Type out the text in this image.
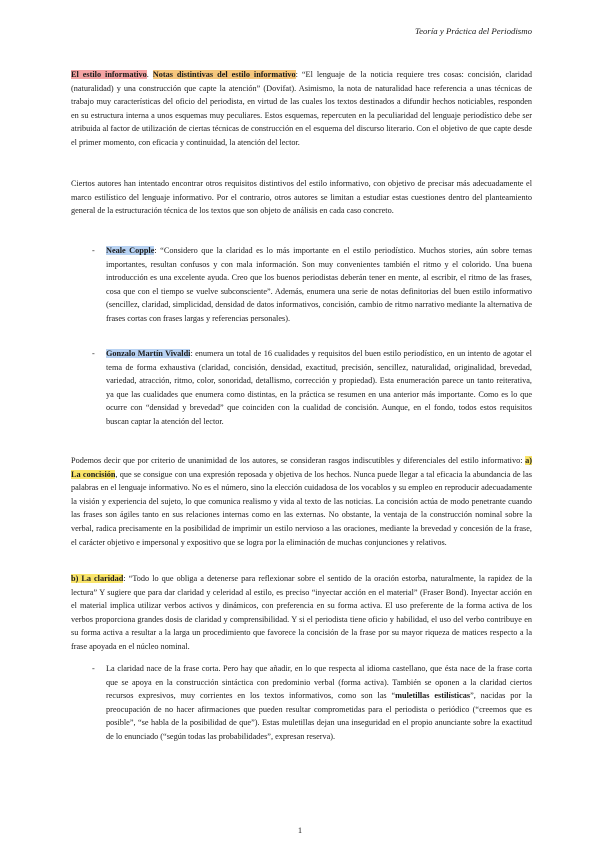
Teoría y Práctica del Periodismo
El estilo informativo. Notas distintivas del estilo informativo: “El lenguaje de la noticia requiere tres cosas: concisión, claridad (naturalidad) y una construcción que capte la atención” (Dovifat). Asimismo, la nota de naturalidad hace referencia a unas técnicas de trabajo muy características del oficio del periodista, en virtud de las cuales los textos destinados a difundir hechos noticiables, responden en su estructura interna a unos esquemas muy peculiares. Estos esquemas, repercuten en la peculiaridad del lenguaje periodístico debe ser atribuida al factor de utilización de ciertas técnicas de construcción en el esquema del discurso literario. Con el objetivo de que capte desde el primer momento, con eficacia y continuidad, la atención del lector.
Ciertos autores han intentado encontrar otros requisitos distintivos del estilo informativo, con objetivo de precisar más adecuadamente el marco estilístico del lenguaje informativo. Por el contrario, otros autores se limitan a estudiar estas cuestiones dentro del planteamiento general de la estructuración técnica de los textos que son objeto de análisis en cada caso concreto.
- Neale Copple: “Considero que la claridad es lo más importante en el estilo periodístico. Muchos stories, aún sobre temas importantes, resultan confusos y con mala información. Son muy convenientes también el ritmo y el colorido. Una buena introducción es una excelente ayuda. Creo que los buenos periodistas deberán tener en mente, al escribir, el ritmo de las frases, cosa que con el tiempo se vuelve subconsciente”. Además, enumera una serie de notas definitorias del buen estilo informativo (sencillez, claridad, simplicidad, densidad de datos informativos, concisión, cambio de ritmo narrativo mediante la alternativa de frases cortas con frases largas y referencias personales).
- Gonzalo Martín Vivaldi: enumera un total de 16 cualidades y requisitos del buen estilo periodístico, en un intento de agotar el tema de forma exhaustiva (claridad, concisión, densidad, exactitud, precisión, sencillez, naturalidad, originalidad, brevedad, variedad, atracción, ritmo, color, sonoridad, detallismo, corrección y propiedad). Esta enumeración parece un tanto reiterativa, ya que las cualidades que enumera como distintas, en la práctica se resumen en una anterior más importante. Como es lo que ocurre con “densidad y brevedad” que coinciden con la cualidad de concisión. Aunque, en el fondo, todos estos requisitos buscan captar la atención del lector.
Podemos decir que por criterio de unanimidad de los autores, se consideran rasgos indiscutibles y diferenciales del estilo informativo: a) La concisión, que se consigue con una expresión reposada y objetiva de los hechos. Nunca puede llegar a tal eficacia la abundancia de las palabras en el lenguaje informativo. No es el número, sino la elección cuidadosa de los vocablos y su empleo en reproducir adecuadamente la visión y experiencia del sujeto, lo que comunica realismo y vida al texto de las noticias. La concisión actúa de modo penetrante cuando las frases son ágiles tanto en sus relaciones internas como en las externas. No obstante, la ventaja de la construcción nominal sobre la verbal, radica precisamente en la posibilidad de imprimir un estilo nervioso a las oraciones, mediante la brevedad y concesión de la frase, el carácter objetivo e impersonal y expositivo que se logra por la eliminación de muchas conjunciones y relativos.
b) La claridad: “Todo lo que obliga a detenerse para reflexionar sobre el sentido de la oración estorba, naturalmente, la rapidez de la lectura” Y sugiere que para dar claridad y celeridad al estilo, es preciso “inyectar acción en el material” (Fraser Bond). Inyectar acción en el material implica utilizar verbos activos y dinámicos, con preferencia en su forma activa. El uso preferente de la forma activa de los verbos proporciona grandes dosis de claridad y comprensibilidad. Y si el periodista tiene oficio y habilidad, el uso del verbo contribuye en su forma activa a resultar a la larga un procedimiento que favorece la concisión de la frase por su mayor riqueza de matices respecto a la frase apoyada en el núcleo nominal.
- La claridad nace de la frase corta. Pero hay que añadir, en lo que respecta al idioma castellano, que ésta nace de la frase corta que se apoya en la construcción sintáctica con predominio verbal (forma activa). También se oponen a la claridad ciertos recursos expresivos, muy corrientes en los textos informativos, como son las “muletillas estilísticas”, nacidas por la preocupación de no hacer afirmaciones que pueden resultar comprometidas para el periodista o periódico (“creemos que es posible”, “se habla de la posibilidad de que”). Estas muletillas dejan una inseguridad en el propio anunciante sobre la exactitud de lo enunciado (“según todas las probabilidades”, expresan reserva).
1
